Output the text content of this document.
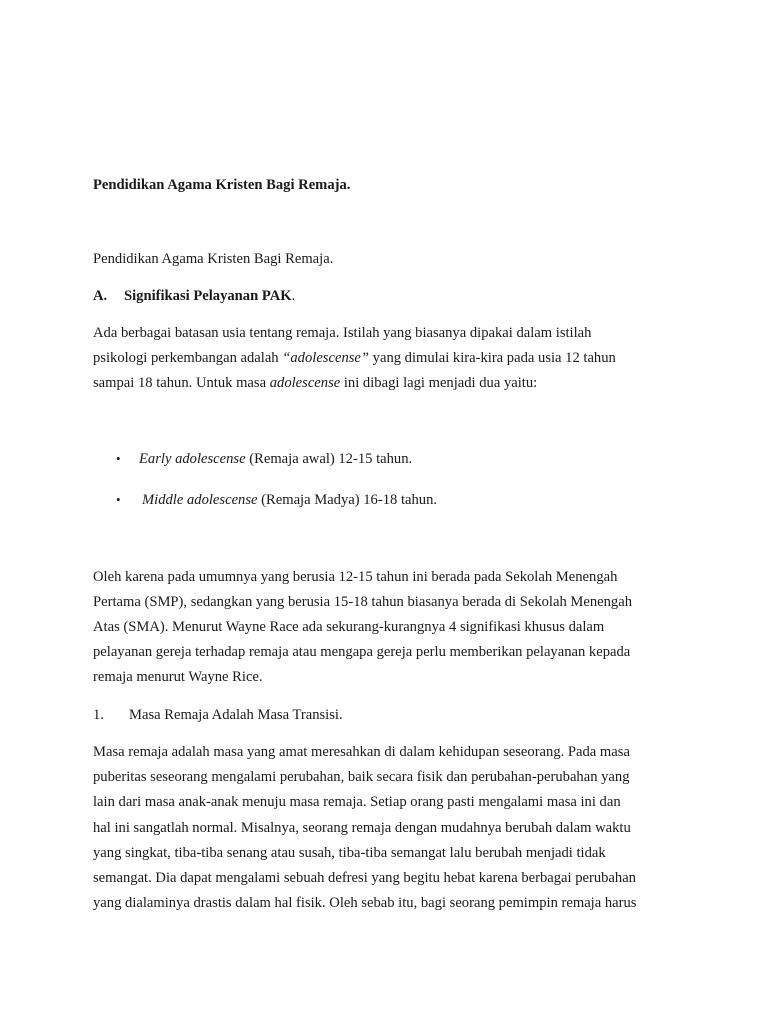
Pendidikan Agama Kristen Bagi Remaja.
Pendidikan Agama Kristen Bagi Remaja.
A. Signifikasi Pelayanan PAK.
Ada berbagai batasan usia tentang remaja. Istilah yang biasanya dipakai dalam istilah
psikologi perkembangan adalah “adolescense” yang dimulai kira-kira pada usia 12 tahun
sampai 18 tahun. Untuk masa adolescense ini dibagi lagi menjadi dua yaitu:
• Early adolescense (Remaja awal) 12-15 tahun.
• Middle adolescense (Remaja Madya) 16-18 tahun.
Oleh karena pada umumnya yang berusia 12-15 tahun ini berada pada Sekolah Menengah
Pertama (SMP), sedangkan yang berusia 15-18 tahun biasanya berada di Sekolah Menengah
Atas (SMA). Menurut Wayne Race ada sekurang-kurangnya 4 signifikasi khusus dalam
pelayanan gereja terhadap remaja atau mengapa gereja perlu memberikan pelayanan kepada
remaja menurut Wayne Rice.
1. Masa Remaja Adalah Masa Transisi.
Masa remaja adalah masa yang amat meresahkan di dalam kehidupan seseorang. Pada masa
puberitas seseorang mengalami perubahan, baik secara fisik dan perubahan-perubahan yang
lain dari masa anak-anak menuju masa remaja. Setiap orang pasti mengalami masa ini dan
hal ini sangatlah normal. Misalnya, seorang remaja dengan mudahnya berubah dalam waktu
yang singkat, tiba-tiba senang atau susah, tiba-tiba semangat lalu berubah menjadi tidak
semangat. Dia dapat mengalami sebuah defresi yang begitu hebat karena berbagai perubahan
yang dialaminya drastis dalam hal fisik. Oleh sebab itu, bagi seorang pemimpin remaja harus
